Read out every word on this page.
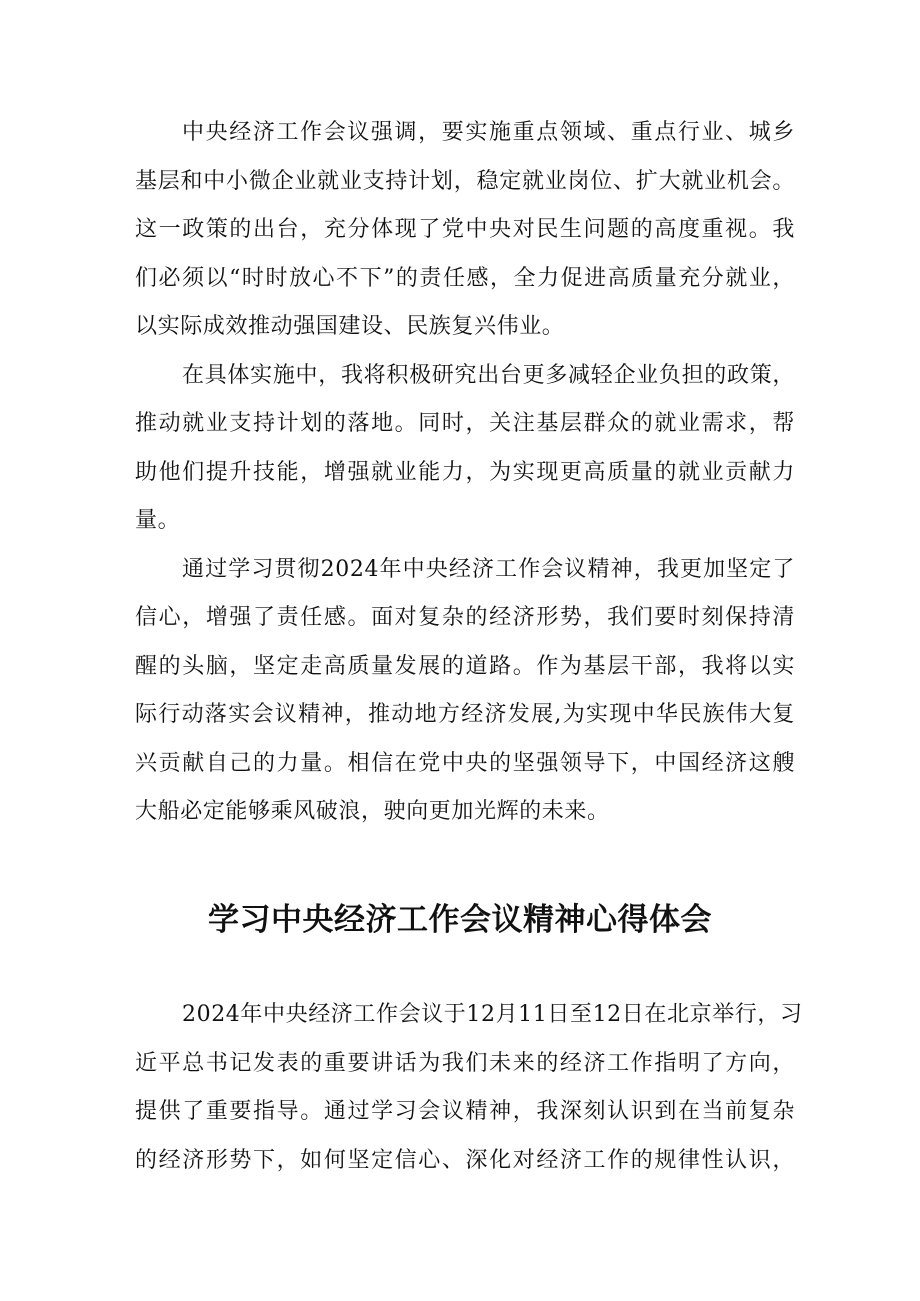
中央经济工作会议强调，要实施重点领域、重点行业、城乡
基层和中小微企业就业支持计划，稳定就业岗位、扩大就业机会。
这一政策的出台，充分体现了党中央对民生问题的高度重视。我
们必须以“时时放心不下”的责任感，全力促进高质量充分就业，
以实际成效推动强国建设、民族复兴伟业。
在具体实施中，我将积极研究出台更多减轻企业负担的政策，
推动就业支持计划的落地。同时，关注基层群众的就业需求，帮
助他们提升技能，增强就业能力，为实现更高质量的就业贡献力
量。
通过学习贯彻2024年中央经济工作会议精神，我更加坚定了
信心，增强了责任感。面对复杂的经济形势，我们要时刻保持清
醒的头脑，坚定走高质量发展的道路。作为基层干部，我将以实
际行动落实会议精神，推动地方经济发展,为实现中华民族伟大复
兴贡献自己的力量。相信在党中央的坚强领导下，中国经济这艘
大船必定能够乘风破浪，驶向更加光辉的未来。
学习中央经济工作会议精神心得体会
2024年中央经济工作会议于12月11日至12日在北京举行，习
近平总书记发表的重要讲话为我们未来的经济工作指明了方向，
提供了重要指导。通过学习会议精神，我深刻认识到在当前复杂
的经济形势下，如何坚定信心、深化对经济工作的规律性认识，
